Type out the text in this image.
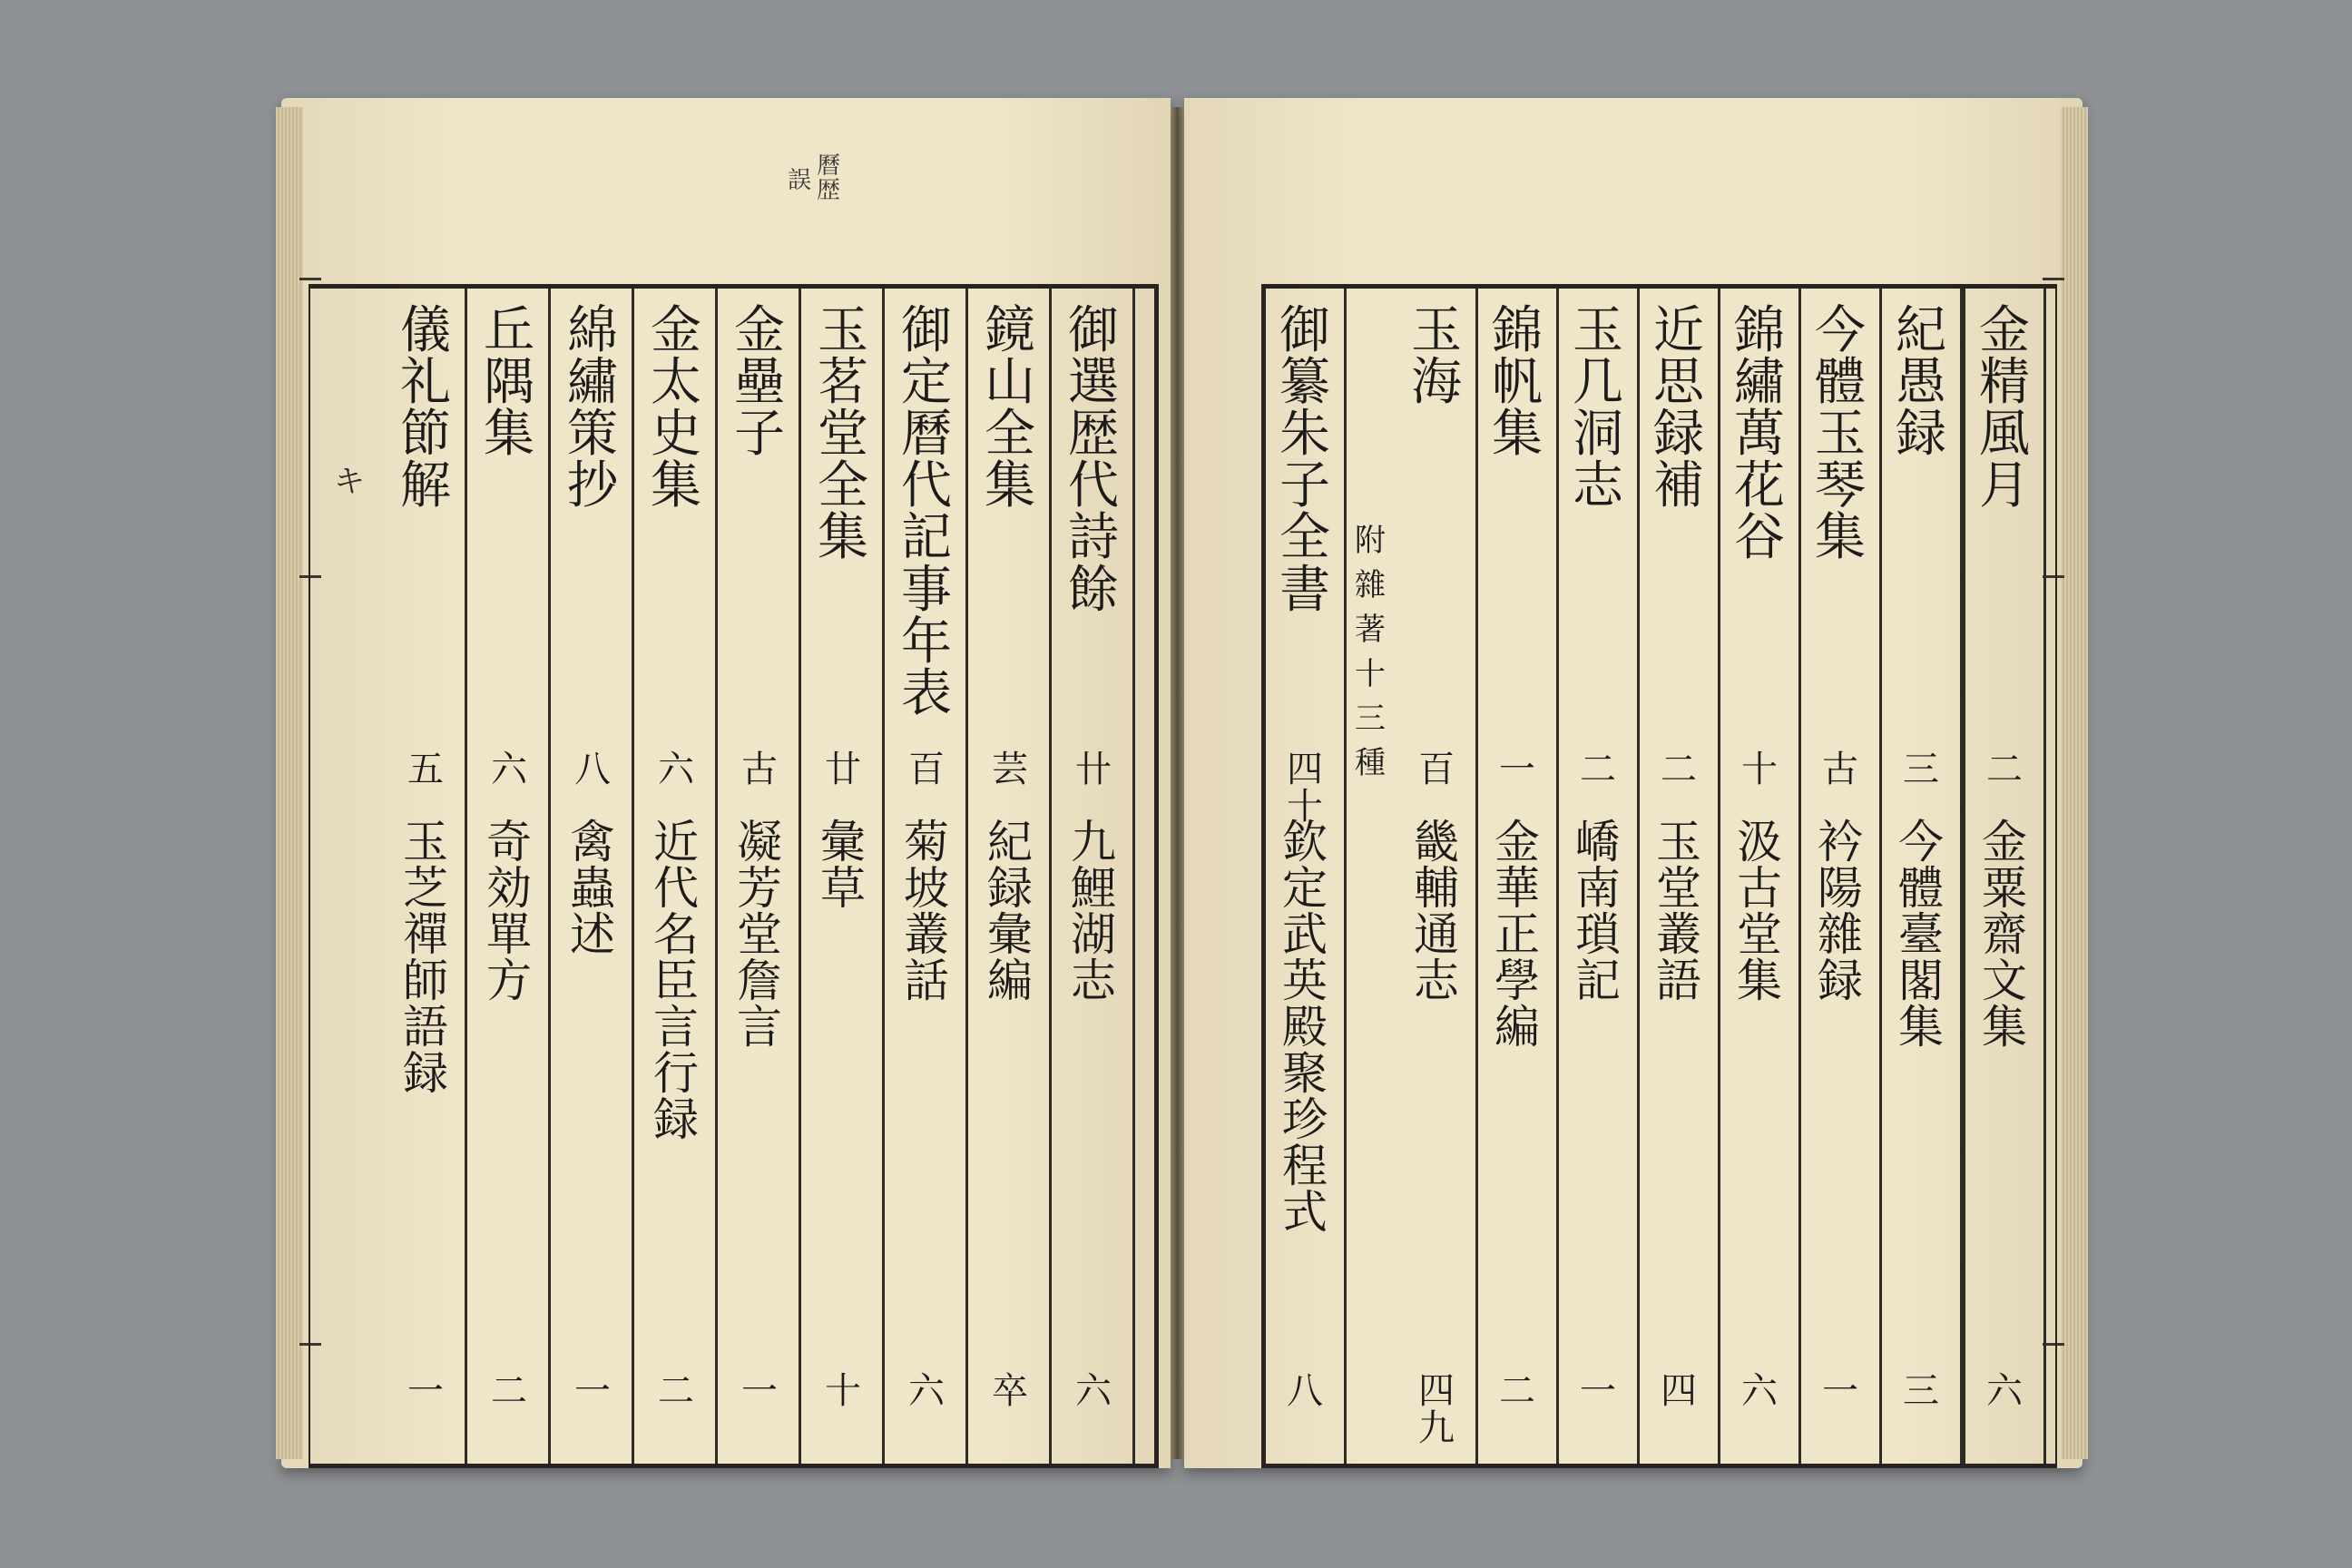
曆
歴
誤
キ
御
選
歴
代
詩
餘
卄
九
鯉
湖
志
六
鏡
山
全
集
芸
紀
録
彙
編
卒
御
定
曆
代
記
事
年
表
百
菊
坡
叢
話
六
玉
茗
堂
全
集
廿
彙
草
十
金
壘
子
古
凝
芳
堂
詹
言
一
金
太
史
集
六
近
代
名
臣
言
行
録
二
綿
繡
策
抄
八
禽
蟲
述
一
丘
隅
集
六
奇
効
單
方
二
儀
礼
節
解
五
玉
芝
禪
師
語
録
一
金
精
風
月
二
金
粟
齋
文
集
六
紀
愚
録
三
今
體
臺
閣
集
三
今
體
玉
琴
集
古
衿
陽
雜
録
一
錦
繡
萬
花
谷
十
汲
古
堂
集
六
近
思
録
補
二
玉
堂
叢
語
四
玉
几
洞
志
二
嶠
南
瑣
記
一
錦
帆
集
一
金
華
正
學
編
二
玉
海
附
雜
著
十
三
種 百
畿
輔
通
志
四
九
御
纂
朱
子
全
書
四
十
欽
定
武
英
殿
聚
珍
程
式
八
